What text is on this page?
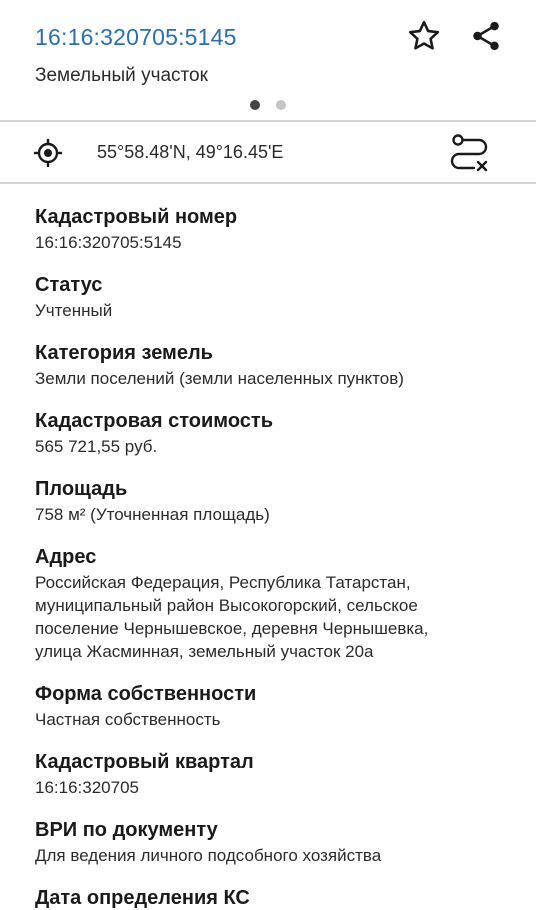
16:16:320705:5145
Земельный участок
55°58.48'N, 49°16.45'E
Кадастровый номер
16:16:320705:5145
Статус
Учтенный
Категория земель
Земли поселений (земли населенных пунктов)
Кадастровая стоимость
565 721,55 руб.
Площадь
758 м² (Уточненная площадь)
Адрес
Российская Федерация, Республика Татарстан,
муниципальный район Высокогорский, сельское
поселение Чернышевское, деревня Чернышевка,
улица Жасминная, земельный участок 20а
Форма собственности
Частная собственность
Кадастровый квартал
16:16:320705
ВРИ по документу
Для ведения личного подсобного хозяйства
Дата определения КС
